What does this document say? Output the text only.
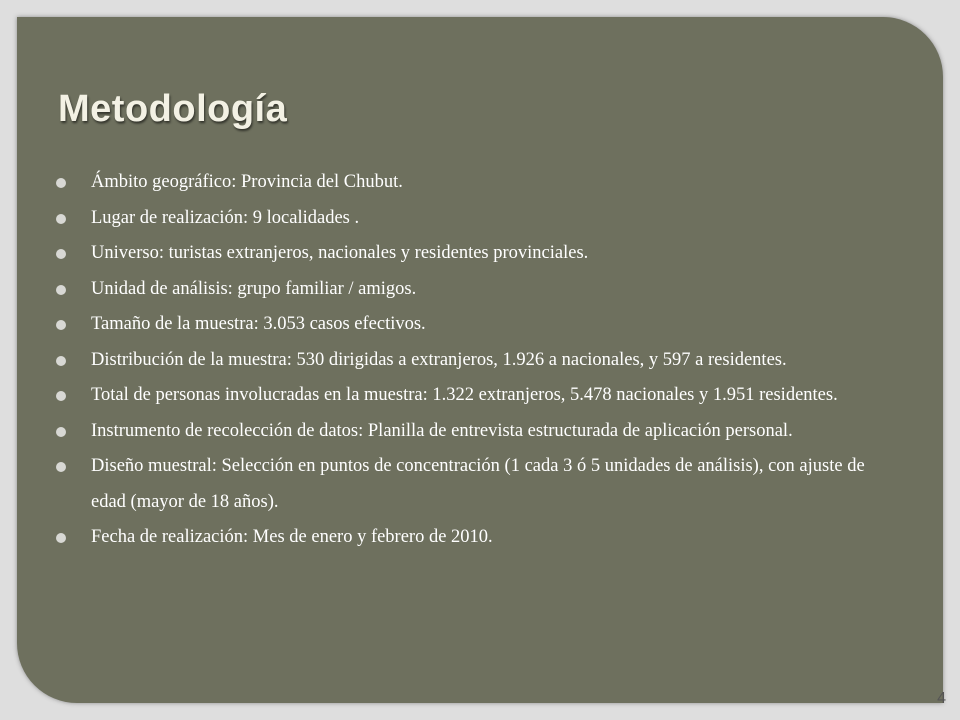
Metodología
Ámbito geográfico: Provincia del Chubut.
Lugar de realización: 9 localidades .
Universo: turistas extranjeros, nacionales y residentes provinciales.
Unidad de análisis: grupo familiar / amigos.
Tamaño de la muestra: 3.053 casos efectivos.
Distribución de la muestra: 530 dirigidas a extranjeros, 1.926 a nacionales, y 597 a residentes.
Total de personas involucradas en la muestra: 1.322 extranjeros, 5.478 nacionales y 1.951 residentes.
Instrumento de recolección de datos: Planilla de entrevista estructurada de aplicación personal.
Diseño muestral: Selección en puntos de concentración (1 cada 3 ó 5 unidades de análisis), con ajuste de edad (mayor de 18 años).
Fecha de realización: Mes de enero y febrero de 2010.
4
